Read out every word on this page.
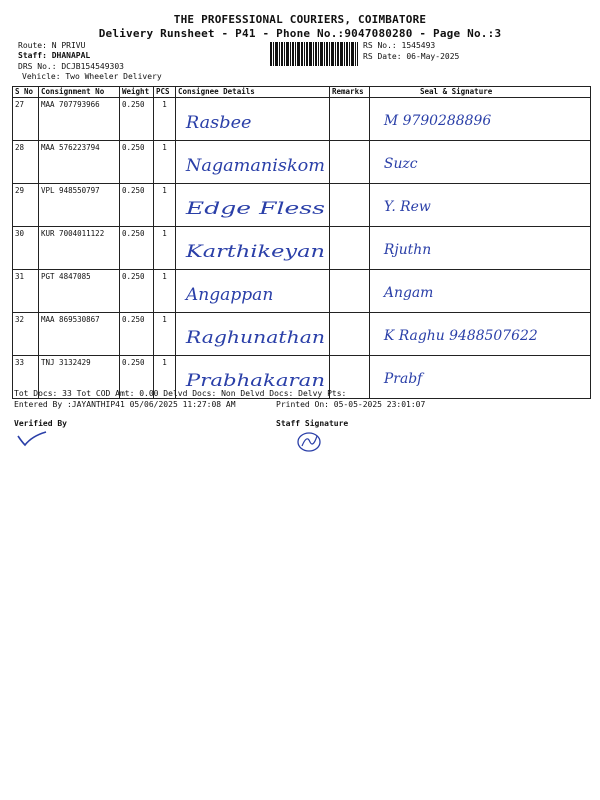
THE PROFESSIONAL COURIERS, COIMBATORE
Delivery Runsheet - P41 - Phone No.:9047080280 - Page No.:3
Route: N PRIVU
Staff: DHANAPAL
DRS No.: DCJB154549303
Vehicle: Two Wheeler Delivery
RS No.: 1545493
RS Date: 06-May-2025
S No	Consignment No	Weight	PCS	Consignee Details	Remarks	Seal & Signature
27	MAA 707793966	0.250	1	Rasbee		M 9790288896

28	MAA 576223794	0.250	1	Nagamaniskom		Suzc

29	VPL 948550797	0.250	1	Edge Fless		Y. Rew

30	KUR 7004011122	0.250	1	Karthikeyan		Rjuthn

31	PGT 4847085	0.250	1	Angappan		Angam

32	MAA 869530867	0.250	1	Raghunathan		K Raghu 9488507622

33	TNJ 3132429	0.250	1	Prabhakaran		Prabf
Tot Docs: 33 Tot COD Amt: 0.00 Delvd Docs: Non Delvd Docs: Delvy Pts:
Entered By :JAYANTHIP41 05/06/2025 11:27:08 AM	Printed On: 05-05-2025 23:01:07
Verified By	Staff Signature
